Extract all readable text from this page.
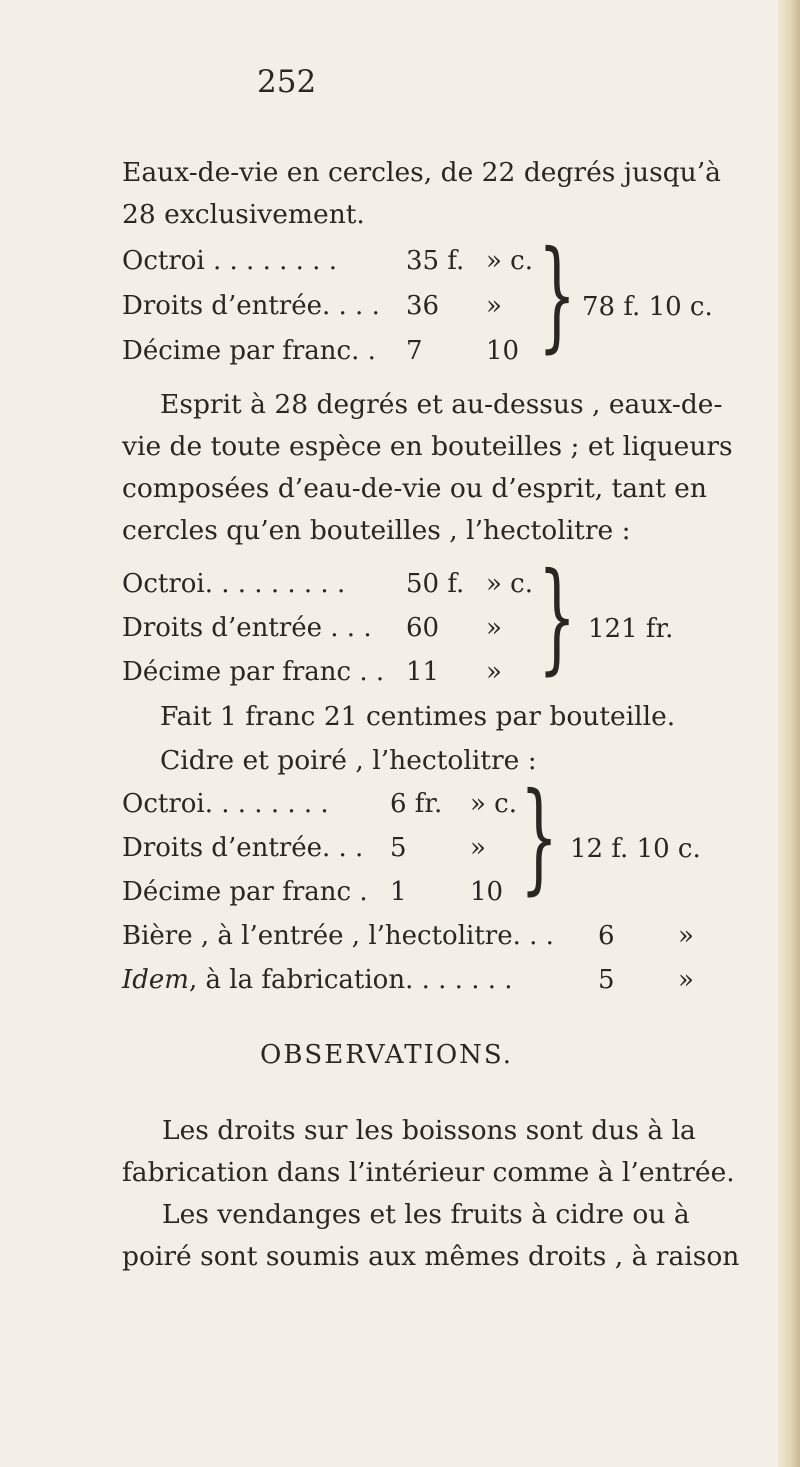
252

Eaux-de-vie en cercles, de 22 degrés jusqu’à
28 exclusivement.

Octroi . . . . . . . .	35 f. » c.
Droits d’entrée. . . . 36 »
Décime par franc. . 7 10 } 78 f. 10 c.

Esprit à 28 degrés et au-dessus , eaux-de-
vie de toute espèce en bouteilles ; et liqueurs
composées d’eau-de-vie ou d’esprit, tant en
cercles qu’en bouteilles , l’hectolitre :

Octroi. . . . . . . . . 50 f. » c.
Droits d’entrée . . . 60 »
Décime par franc . . 11 » } 121 fr.
Fait 1 franc 21 centimes par bouteille.
Cidre et poiré , l’hectolitre :
Octroi. . . . . . . . 6 fr. » c.
Droits d’entrée. . . 5 »
Décime par franc . 1 10 } 12 f. 10 c.
Bière , à l’entrée , l’hectolitre. . . 6 »
Idem, à la fabrication. . . . . . .	5 »
OBSERVATIONS.

Les droits sur les boissons sont dus à la
fabrication dans l’intérieur comme à l’entrée.
Les vendanges et les fruits à cidre ou à
poiré sont soumis aux mêmes droits , à raison
